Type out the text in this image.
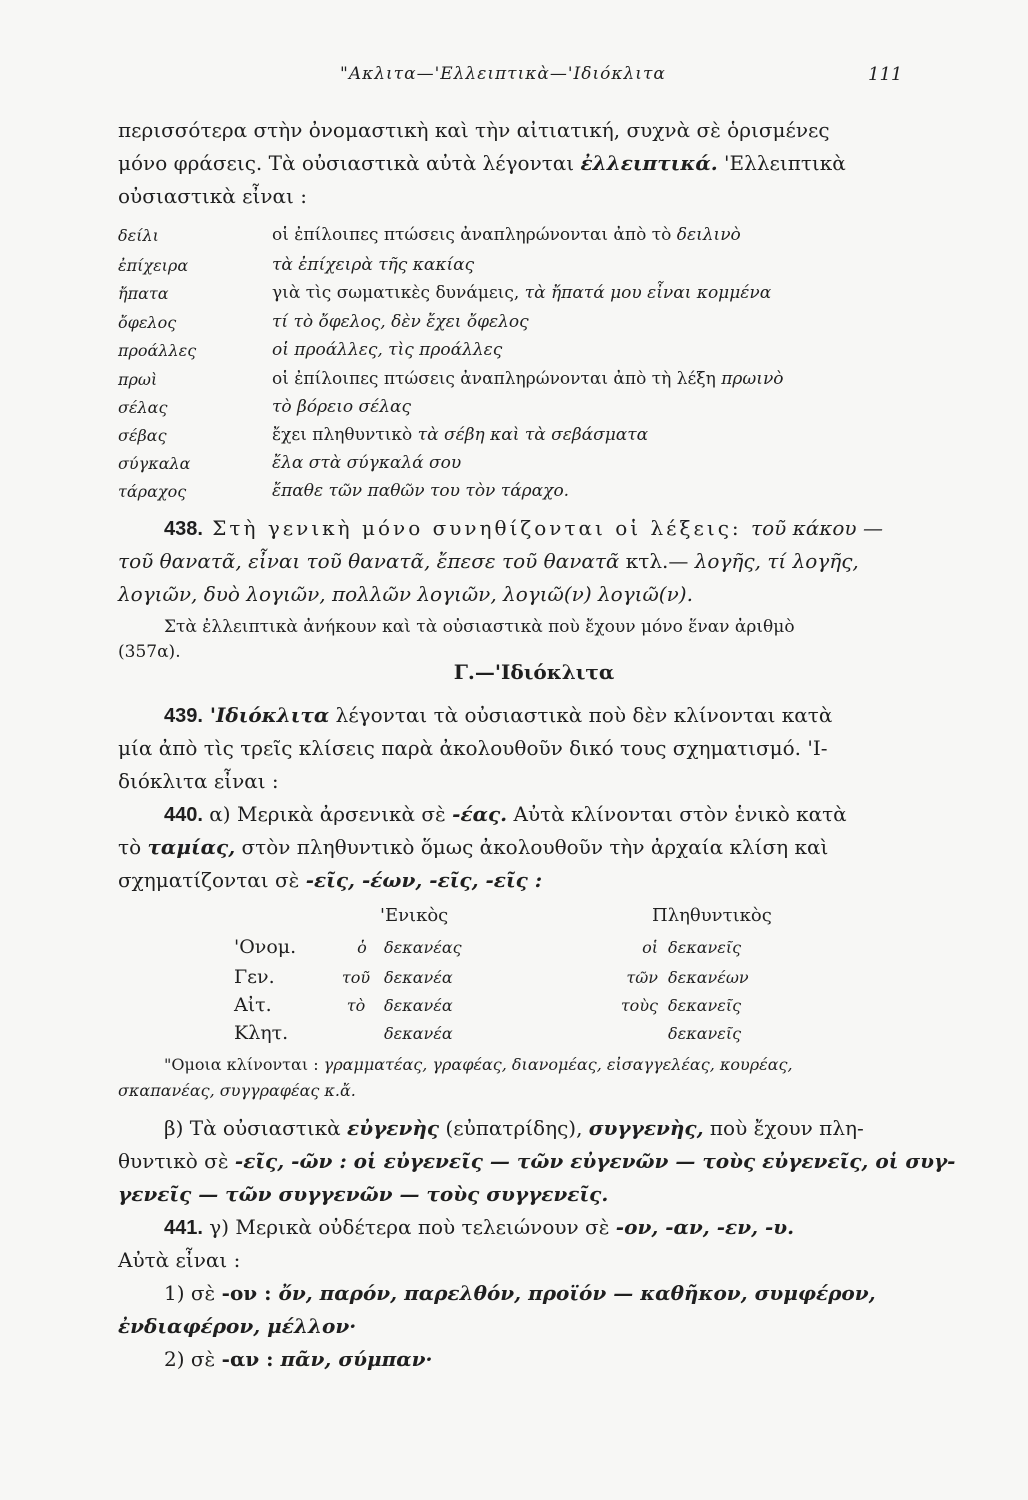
"Ακλιτα—'Ελλειπτικὰ—'Ιδιόκλιτα	111
περισσότερα στὴν ὀνομαστικὴ καὶ τὴν αἰτιατική, συχνὰ σὲ ὁρισμένες
μόνο φράσεις. Τὰ οὐσιαστικὰ αὐτὰ λέγονται ἐλλειπτικά. 'Ελλειπτικὰ
οὐσιαστικὰ εἶναι :
δείλι	οἱ ἐπίλοιπες πτώσεις ἀναπληρώνονται ἀπὸ τὸ δειλινὸ
ἐπίχειρα	τὰ ἐπίχειρὰ τῆς κακίας
ἤπατα	γιὰ τὶς σωματικὲς δυνάμεις, τὰ ἤπατά μου εἶναι κομμένα
ὄφελος	τί τὸ ὄφελος, δὲν ἔχει ὄφελος
προάλλες	οἱ προάλλες, τὶς προάλλες
πρωὶ	οἱ ἐπίλοιπες πτώσεις ἀναπληρώνονται ἀπὸ τὴ λέξη πρωινὸ
σέλας	τὸ βόρειο σέλας
σέβας	ἔχει πληθυντικὸ τὰ σέβη καὶ τὰ σεβάσματα
σύγκαλα	ἔλα στὰ σύγκαλά σου
τάραχος	ἔπαθε τῶν παθῶν του τὸν τάραχο.
438. Στὴ γενικὴ μόνο συνηθίζονται οἱ λέξεις: τοῦ κάκου —
τοῦ θανατᾶ, εἶναι τοῦ θανατᾶ, ἔπεσε τοῦ θανατᾶ κτλ.— λογῆς, τί λογῆς,
λογιῶν, δυὸ λογιῶν, πολλῶν λογιῶν, λογιῶ(ν) λογιῶ(ν).
Στὰ ἐλλειπτικὰ ἀνήκουν καὶ τὰ οὐσιαστικὰ ποὺ ἔχουν μόνο ἕναν ἀριθμὸ
(357α).
Γ.—'Ιδιόκλιτα
439. 'Ιδιόκλιτα λέγονται τὰ οὐσιαστικὰ ποὺ δὲν κλίνονται κατὰ
μία ἀπὸ τὶς τρεῖς κλίσεις παρὰ ἀκολουθοῦν δικό τους σχηματισμό. 'Ι-
διόκλιτα εἶναι :
440. α) Μερικὰ ἀρσενικὰ σὲ -έας. Αὐτὰ κλίνονται στὸν ἑνικὸ κατὰ
τὸ ταμίας, στὸν πληθυντικὸ ὅμως ἀκολουθοῦν τὴν ἀρχαία κλίση καὶ
σχηματίζονται σὲ -εῖς, -έων, -εῖς, -εῖς :
'Ενικὸς	Πληθυντικὸς
'Ονομ.	ὁ	δεκανέας	οἱ δεκανεῖς
Γεν.	τοῦ δεκανέα	τῶν δεκανέων
Αἰτ.	τὸ	δεκανέα	τοὺς δεκανεῖς
Κλητ.	δεκανέα	δεκανεῖς
"Ομοια κλίνονται : γραμματέας, γραφέας, διανομέας, εἰσαγγελέας, κουρέας,
σκαπανέας, συγγραφέας κ.ἄ.
β) Τὰ οὐσιαστικὰ εὐγενὴς (εὐπατρίδης), συγγενὴς, ποὺ ἔχουν πλη-
θυντικὸ σὲ -εῖς, -ῶν : οἱ εὐγενεῖς — τῶν εὐγενῶν — τοὺς εὐγενεῖς, οἱ συγ-
γενεῖς — τῶν συγγενῶν — τοὺς συγγενεῖς.
441. γ) Μερικὰ οὐδέτερα ποὺ τελειώνουν σὲ -ον, -αν, -εν, -υ.
Αὐτὰ εἶναι :
1) σὲ -ον : ὄν, παρόν, παρελθόν, προϊόν — καθῆκον, συμφέρον,
ἐνδιαφέρον, μέλλον·
2) σὲ -αν : πᾶν, σύμπαν·
